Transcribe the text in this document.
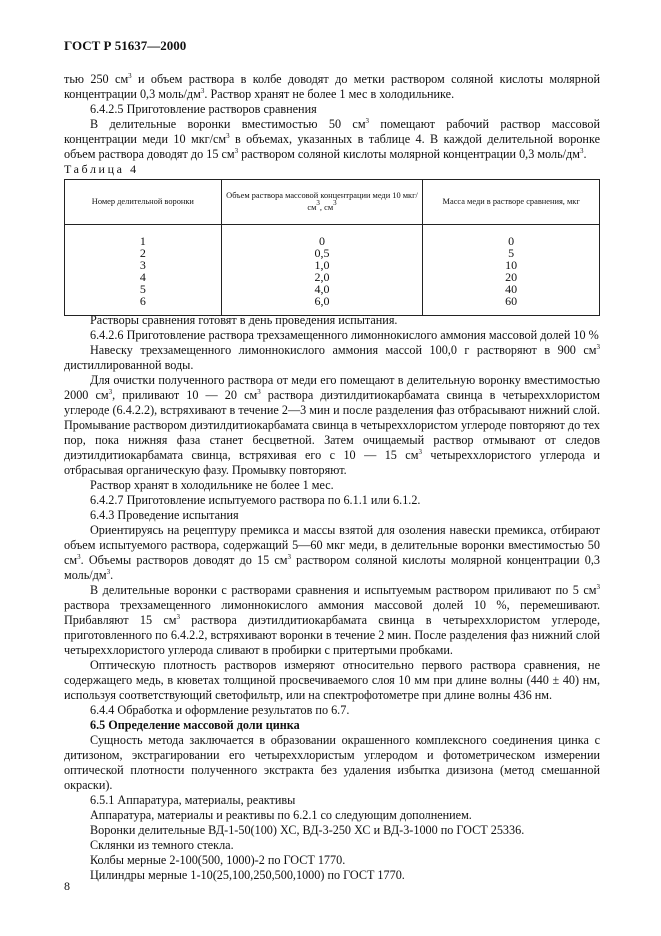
ГОСТ Р 51637—2000

тью 250 $см^3$ и объем раствора в колбе доводят до метки раствором соляной кислоты молярной концентрации 0,3 моль/$дм^3$. Раствор хранят не более 1 мес в холодильнике.

6.4.2.5 Приготовление растворов сравнения

В делительные воронки вместимостью 50 $см^3$ помещают рабочий раствор массовой концентрации меди 10 мкг/$см^3$ в объемах, указанных в таблице 4. В каждой делительной воронке объем раствора доводят до 15 $см^3$ раствором соляной кислоты молярной концентрации 0,3 моль/$дм^3$.

Таблица 4
Номер делительной воронки	Объем раствора массовой концентрации меди 10 мкг/$см^3$, $см^3$	Масса меди в растворе сравнения, мкг

1	0	0
2	0,5	5
3	1,0	10
4	2,0	20
5	4,0	40
6	6,0	60

Растворы сравнения готовят в день проведения испытания.

6.4.2.6 Приготовление раствора трехзамещенного лимоннокислого аммония массовой долей 10 %

Навеску трехзамещенного лимоннокислого аммония массой 100,0 г растворяют в 900 $см^3$ дистиллированной воды.

Для очистки полученного раствора от меди его помещают в делительную воронку вместимостью 2000 $см^3$, приливают 10 — 20 $см^3$ раствора диэтилдитиокарбамата свинца в четыреххлористом углероде (6.4.2.2), встряхивают в течение 2—3 мин и после разделения фаз отбрасывают нижний слой. Промывание раствором диэтилдитиокарбамата свинца в четыреххлористом углероде повторяют до тех пор, пока нижняя фаза станет бесцветной. Затем очищаемый раствор отмывают от следов диэтилдитиокарбамата свинца, встряхивая его с 10 — 15 $см^3$ четыреххлористого углерода и отбрасывая органическую фазу. Промывку повторяют.

Раствор хранят в холодильнике не более 1 мес.

6.4.2.7 Приготовление испытуемого раствора по 6.1.1 или 6.1.2.

6.4.3 Проведение испытания

Ориентируясь на рецептуру премикса и массы взятой для озоления навески премикса, отбирают объем испытуемого раствора, содержащий 5—60 мкг меди, в делительные воронки вместимостью 50 $см^3$. Объемы растворов доводят до 15 $см^3$ раствором соляной кислоты молярной концентрации 0,3 моль/$дм^3$.

В делительные воронки с растворами сравнения и испытуемым раствором приливают по 5 $см^3$ раствора трехзамещенного лимоннокислого аммония массовой долей 10 %, перемешивают. Прибавляют 15 $см^3$ раствора диэтилдитиокарбамата свинца в четыреххлористом углероде, приготовленного по 6.4.2.2, встряхивают воронки в течение 2 мин. После разделения фаз нижний слой четыреххлористого углерода сливают в пробирки с притертыми пробками.

Оптическую плотность растворов измеряют относительно первого раствора сравнения, не содержащего медь, в кюветах толщиной просвечиваемого слоя 10 мм при длине волны (440 ± 40) нм, используя соответствующий светофильтр, или на спектрофотометре при длине волны 436 нм.

6.4.4 Обработка и оформление результатов по 6.7.

6.5 Определение массовой доли цинка

Сущность метода заключается в образовании окрашенного комплексного соединения цинка с дитизоном, экстрагировании его четыреххлористым углеродом и фотометрическом измерении оптической плотности полученного экстракта без удаления избытка дизизона (метод смешанной окраски).

6.5.1 Аппаратура, материалы, реактивы

Аппаратура, материалы и реактивы по 6.2.1 со следующим дополнением.

Воронки делительные ВД-1-50(100) ХС, ВД-3-250 ХС и ВД-3-1000 по ГОСТ 25336.

Склянки из темного стекла.

Колбы мерные 2-100(500, 1000)-2 по ГОСТ 1770.

Цилиндры мерные 1-10(25,100,250,500,1000) по ГОСТ 1770.

8
